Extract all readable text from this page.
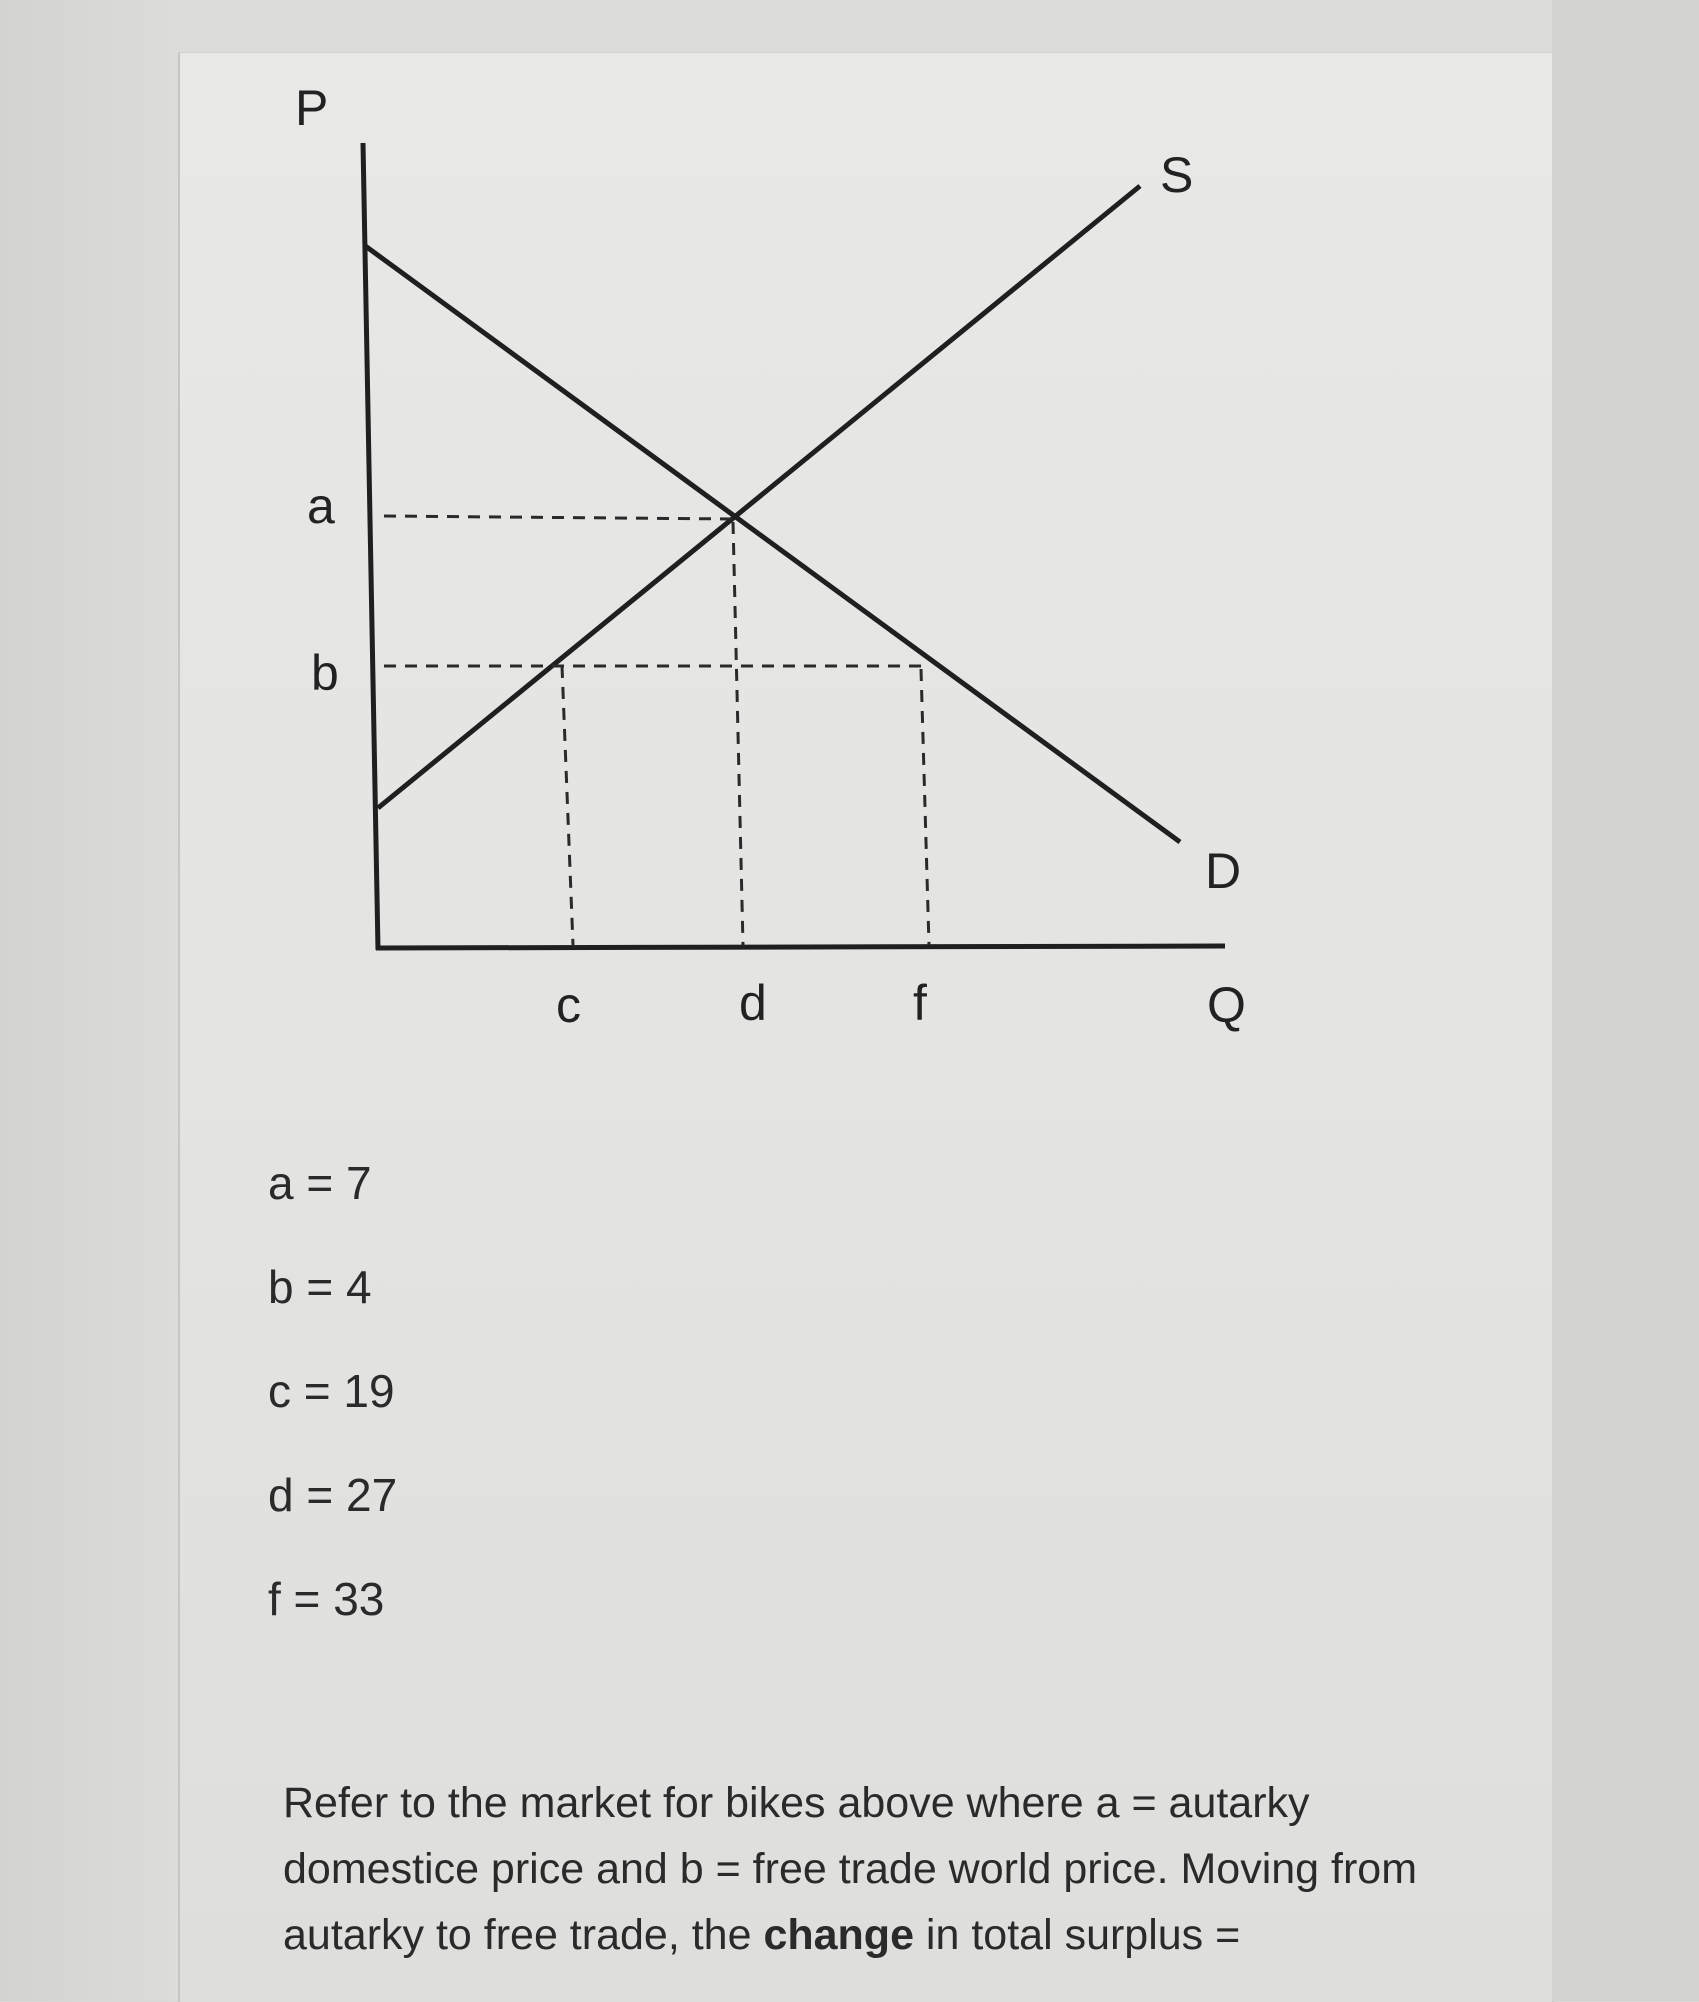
P
Q
S
D
a
b
c	d	f
a = 7
b = 4
c = 19
d = 27
f = 33
Refer to the market for bikes above where a = autarky domestice price and b = free trade world price. Moving from autarky to free trade, the change in total surplus =
